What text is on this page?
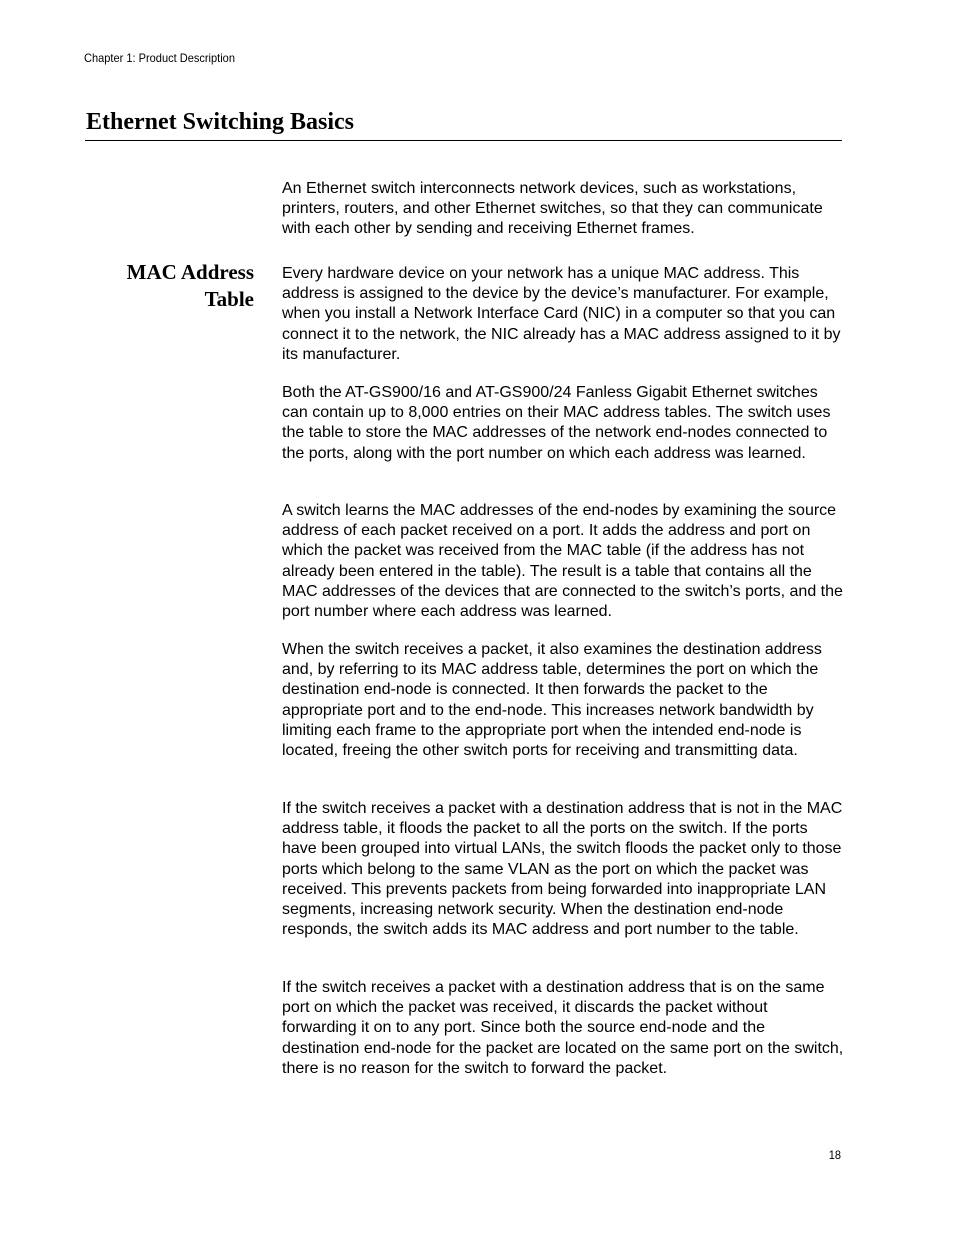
Chapter 1: Product Description
Ethernet Switching Basics

An Ethernet switch interconnects network devices, such as workstations, printers, routers, and other Ethernet switches, so that they can communicate with each other by sending and receiving Ethernet frames.

MAC Address
Table

Every hardware device on your network has a unique MAC address. This address is assigned to the device by the device’s manufacturer. For example, when you install a Network Interface Card (NIC) in a computer so that you can connect it to the network, the NIC already has a MAC address assigned to it by its manufacturer.

Both the AT-GS900/16 and AT-GS900/24 Fanless Gigabit Ethernet switches can contain up to 8,000 entries on their MAC address tables. The switch uses the table to store the MAC addresses of the network end-nodes connected to the ports, along with the port number on which each address was learned.

A switch learns the MAC addresses of the end-nodes by examining the source address of each packet received on a port. It adds the address and port on which the packet was received from the MAC table (if the address has not already been entered in the table). The result is a table that contains all the MAC addresses of the devices that are connected to the switch’s ports, and the port number where each address was learned.

When the switch receives a packet, it also examines the destination address and, by referring to its MAC address table, determines the port on which the destination end-node is connected. It then forwards the packet to the appropriate port and to the end-node. This increases network bandwidth by limiting each frame to the appropriate port when the intended end-node is located, freeing the other switch ports for receiving and transmitting data.

If the switch receives a packet with a destination address that is not in the MAC address table, it floods the packet to all the ports on the switch. If the ports have been grouped into virtual LANs, the switch floods the packet only to those ports which belong to the same VLAN as the port on which the packet was received. This prevents packets from being forwarded into inappropriate LAN segments, increasing network security. When the destination end-node responds, the switch adds its MAC address and port number to the table.

If the switch receives a packet with a destination address that is on the same port on which the packet was received, it discards the packet without forwarding it on to any port. Since both the source end-node and the destination end-node for the packet are located on the same port on the switch, there is no reason for the switch to forward the packet.

18
